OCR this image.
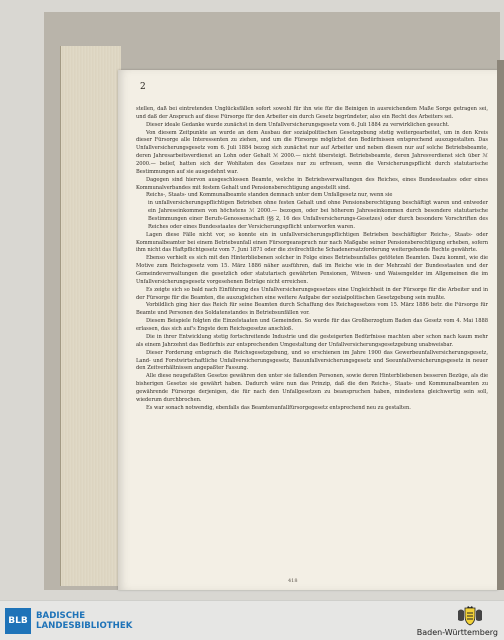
2

stellen, daß bei eintretenden Unglücksfällen sofort sowohl für ihn wie für die Beinigen in ausreichendem Maße Sorge getragen sei, und daß der Anspruch auf diese Fürsorge für den Arbeiter ein durch Gesetz begründeter, also ein Recht des Arbeiters sei.

Dieser ideale Gedanke wurde zunächst in dem Unfallversicherungsgesetz vom 6. Juli 1884 zu verwirklichen gesucht.

Von diesem Zeitpunkte an wurde an dem Ausbau der sozialpolitischen Gesetzgebung stetig weitergearbeitet, um in den Kreis dieser Fürsorge alle Interessenten zu ziehen, und um die Fürsorge möglichst den Bedürfnissen entsprechend auszugestalten. Das Unfallversicherungsgesetz vom 6. Juli 1884 bezog sich zunächst nur auf Arbeiter und neben diesen nur auf solche Betriebsbeamte, deren Jahresarbeitsverdienst an Lohn oder Gehalt ℳ 2000.— nicht übersteigt. Betriebsbeamte, deren Jahresverdienst sich über ℳ 2000.— belief, hatten sich der Wohltaten des Gesetzes nur zu erfreuen, wenn die Versicherungspflicht durch statutarische Bestimmungen auf sie ausgedehnt war.

Dagegen sind hiervon ausgeschlossen Beamte, welche in Betriebsverwaltungen des Reiches, eines Bundesstaates oder eines Kommunalverbandes mit festem Gehalt und Pensionsberechtigung angestellt sind.

Reichs-, Staats- und Kommunalbeamte standen demnach unter dem Unfallgesetz nur, wenn sie

in unfallversicherungspflichtigen Betrieben ohne festen Gehalt und ohne Pensionsberechtigung beschäftigt waren und entweder ein Jahreseinkommen von höchstens ℳ 2000.— bezogen, oder bei höherem Jahreseinkommen durch besondere statutarische Bestimmungen einer Berufs-Genossenschaft (§§ 2, 16 des Unfallversicherungs-Gesetzes) oder durch besondere Vorschriften des Reiches oder eines Bundesstaates der Versicherungspflicht unterworfen waren.

Lagen diese Fälle nicht vor, so konnte ein in unfallversicherungspflichtigen Betrieben beschäftigter Reichs-, Staats- oder Kommunalbeamter bei einem Betriebsunfall einen Fürsorgeanspruch nur nach Maßgabe seiner Pensionsberechtigung erheben, sofern ihm nicht das Haftpflichtgesetz vom 7. Juni 1871 oder die zivilrechtliche Schadenersatzforderung weitergehende Rechte gewährte.

Ebenso verhielt es sich mit den Hinterbliebenen solcher in Folge eines Betriebsunfalles getöteten Beamten. Dazu kommt, wie die Motive zum Reichsgesetz vom 15. März 1886 näher ausführen, daß im Reiche wie in der Mehrzahl der Bundesstaaten und der Gemeindeverwaltungen die gesetzlich oder statutarisch gewährten Pensionen, Witwen- und Waisengelder im Allgemeinen die im Unfallversicherungsgesetz vorgesehenen Beträge nicht erreichen.

Es zeigte sich so bald nach Einführung des Unfallversicherungsgesetzes eine Ungleichheit in der Fürsorge für die Arbeiter und in der Fürsorge für die Beamten, die auszugleichen eine weitere Aufgabe der sozialpolitischen Gesetzgebung sein mußte.

Vorbildlich ging hier das Reich für seine Beamten durch Schaffung des Reichsgesetzes vom 15. März 1886 betr. die Fürsorge für Beamte und Personen des Soldatenstandes in Betriebsunfällen vor.

Diesem Beispiele folgten die Einzelstaaten und Gemeinden. So wurde für das Großherzogtum Baden das Gesetz vom 4. Mai 1888 erlassen, das sich auf's Engste dem Reichsgesetze anschloß.

Die in ihrer Entwicklung stetig fortschreitende Industrie und die gesteigerten Bedürfnisse machten aber schon nach kaum mehr als einem Jahrzehnt das Bedürfnis zur entsprechenden Umgestaltung der Unfallversicherungsgesetzgebung unabweisbar.

Dieser Forderung entsprach die Reichsgesetzgebung, und so erschienen im Jahre 1900 das Gewerbeunfallversicherungsgesetz, Land- und Forstwirtschaftliche Unfallversicherungsgesetz, Bauunfallversicherungsgesetz und Seeunfallversicherungsgesetz in neuer den Zeitverhältnissen angepaßter Fassung.

Alle diese neugefaßten Gesetze gewähren den unter sie fallenden Personen, sowie deren Hinterbliebenen besseren Bezüge, als die bisherigen Gesetze sie gewährt haben. Dadurch wäre nun das Prinzip, daß die den Reichs-, Staats- und Kommunalbeamten zu gewährende Fürsorge derjenigen, die für nach den Unfallgesetzen zu beanspruchen haben, mindestens gleichwertig sein soll, wiederum durchbrochen.

Es war sonach notwendig, ebenfalls das Beamtenunfallfürsorgegesetz entsprechend neu zu gestalten.

418
BLB BADISCHE
LANDESBIBLIOTHEK
Baden-Württemberg
